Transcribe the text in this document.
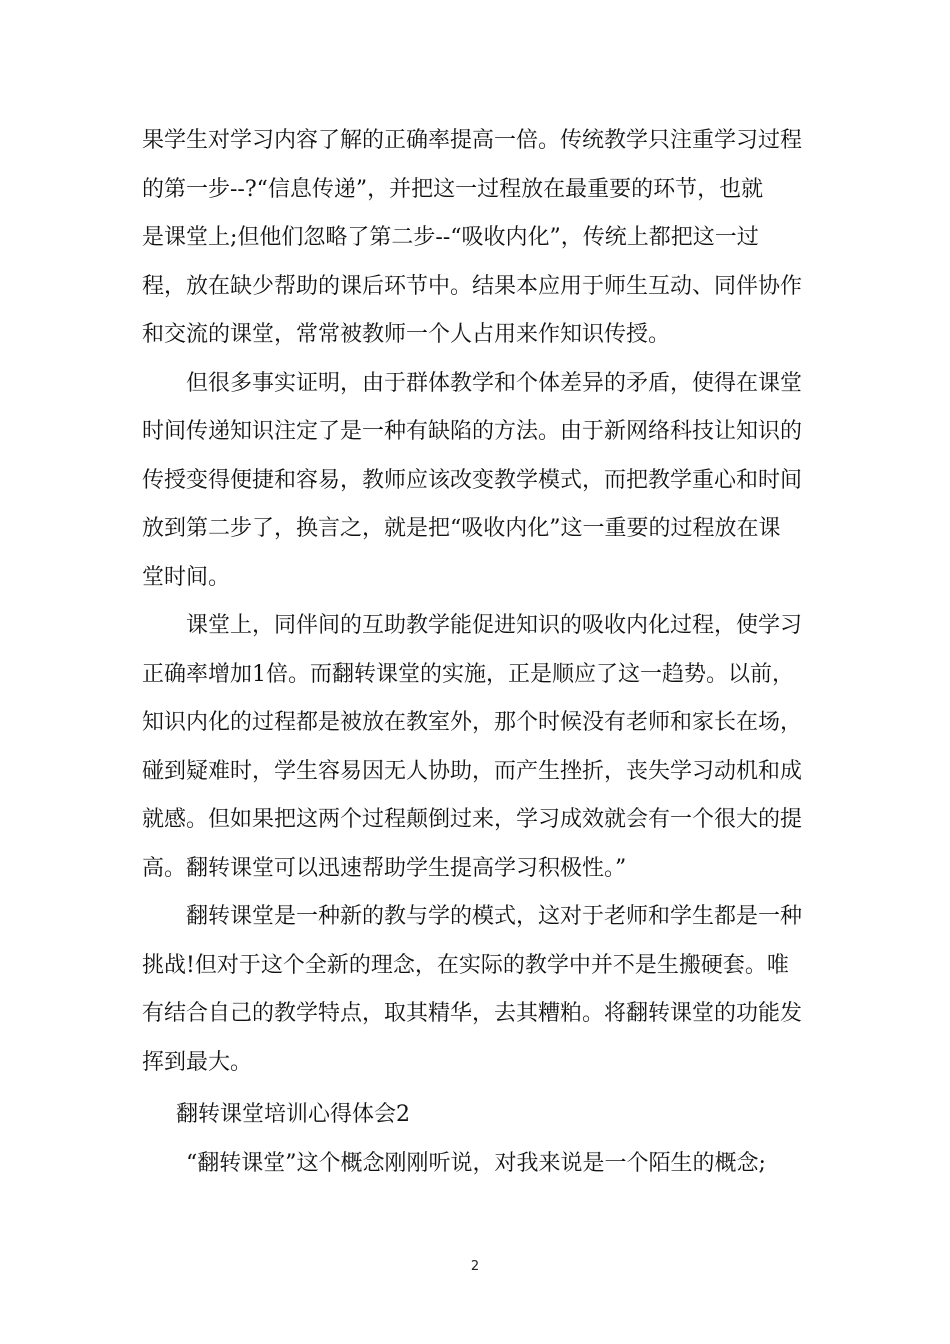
果学生对学习内容了解的正确率提高一倍。传统教学只注重学习过程
的第一步--?“信息传递”，并把这一过程放在最重要的环节，也就
是课堂上;但他们忽略了第二步--“吸收内化”，传统上都把这一过
程，放在缺少帮助的课后环节中。结果本应用于师生互动、同伴协作
和交流的课堂，常常被教师一个人占用来作知识传授。
但很多事实证明，由于群体教学和个体差异的矛盾，使得在课堂
时间传递知识注定了是一种有缺陷的方法。由于新网络科技让知识的
传授变得便捷和容易，教师应该改变教学模式，而把教学重心和时间
放到第二步了，换言之，就是把“吸收内化”这一重要的过程放在课
堂时间。
课堂上，同伴间的互助教学能促进知识的吸收内化过程，使学习
正确率增加1倍。而翻转课堂的实施，正是顺应了这一趋势。以前，
知识内化的过程都是被放在教室外，那个时候没有老师和家长在场，
碰到疑难时，学生容易因无人协助，而产生挫折，丧失学习动机和成
就感。但如果把这两个过程颠倒过来，学习成效就会有一个很大的提
高。翻转课堂可以迅速帮助学生提高学习积极性。”
翻转课堂是一种新的教与学的模式，这对于老师和学生都是一种
挑战!但对于这个全新的理念，在实际的教学中并不是生搬硬套。唯
有结合自己的教学特点，取其精华，去其糟粕。将翻转课堂的功能发
挥到最大。
翻转课堂培训心得体会2
“翻转课堂”这个概念刚刚听说，对我来说是一个陌生的概念;
2
